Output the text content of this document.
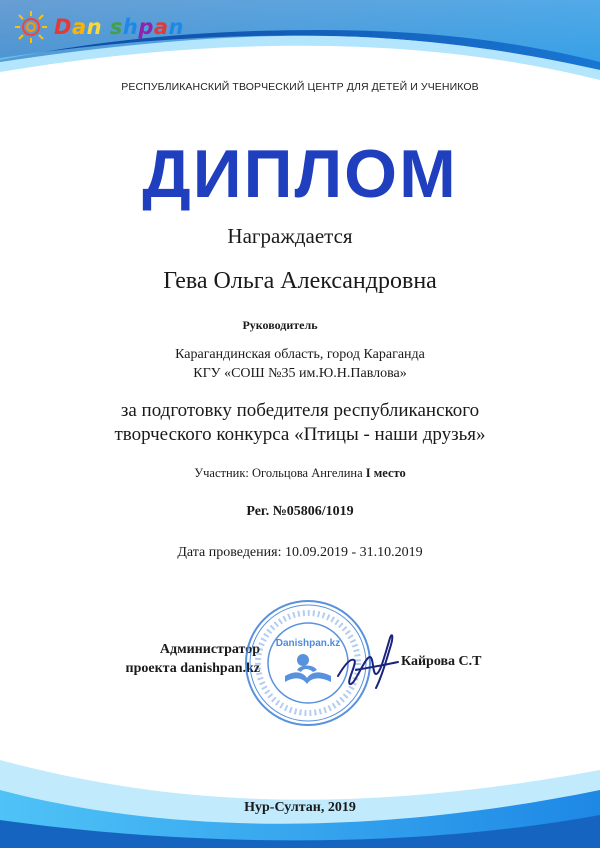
Dan shpan
РЕСПУБЛИКАНСКИЙ ТВОРЧЕСКИЙ ЦЕНТР ДЛЯ ДЕТЕЙ И УЧЕНИКОВ
ДИПЛОМ
Награждается
Гева Ольга Александровна
Руководитель
Карагандинская область, город Караганда
КГУ «СОШ №35 им.Ю.Н.Павлова»
за подготовку победителя республиканского
творческого конкурса «Птицы - наши друзья»
Участник: Огольцова Ангелина I место
Рег. №05806/1019
Дата проведения: 10.09.2019 - 31.10.2019
Администратор
проекта danishpan.kz
Danishpan.kz
Кайрова С.Т
Нур-Султан, 2019
